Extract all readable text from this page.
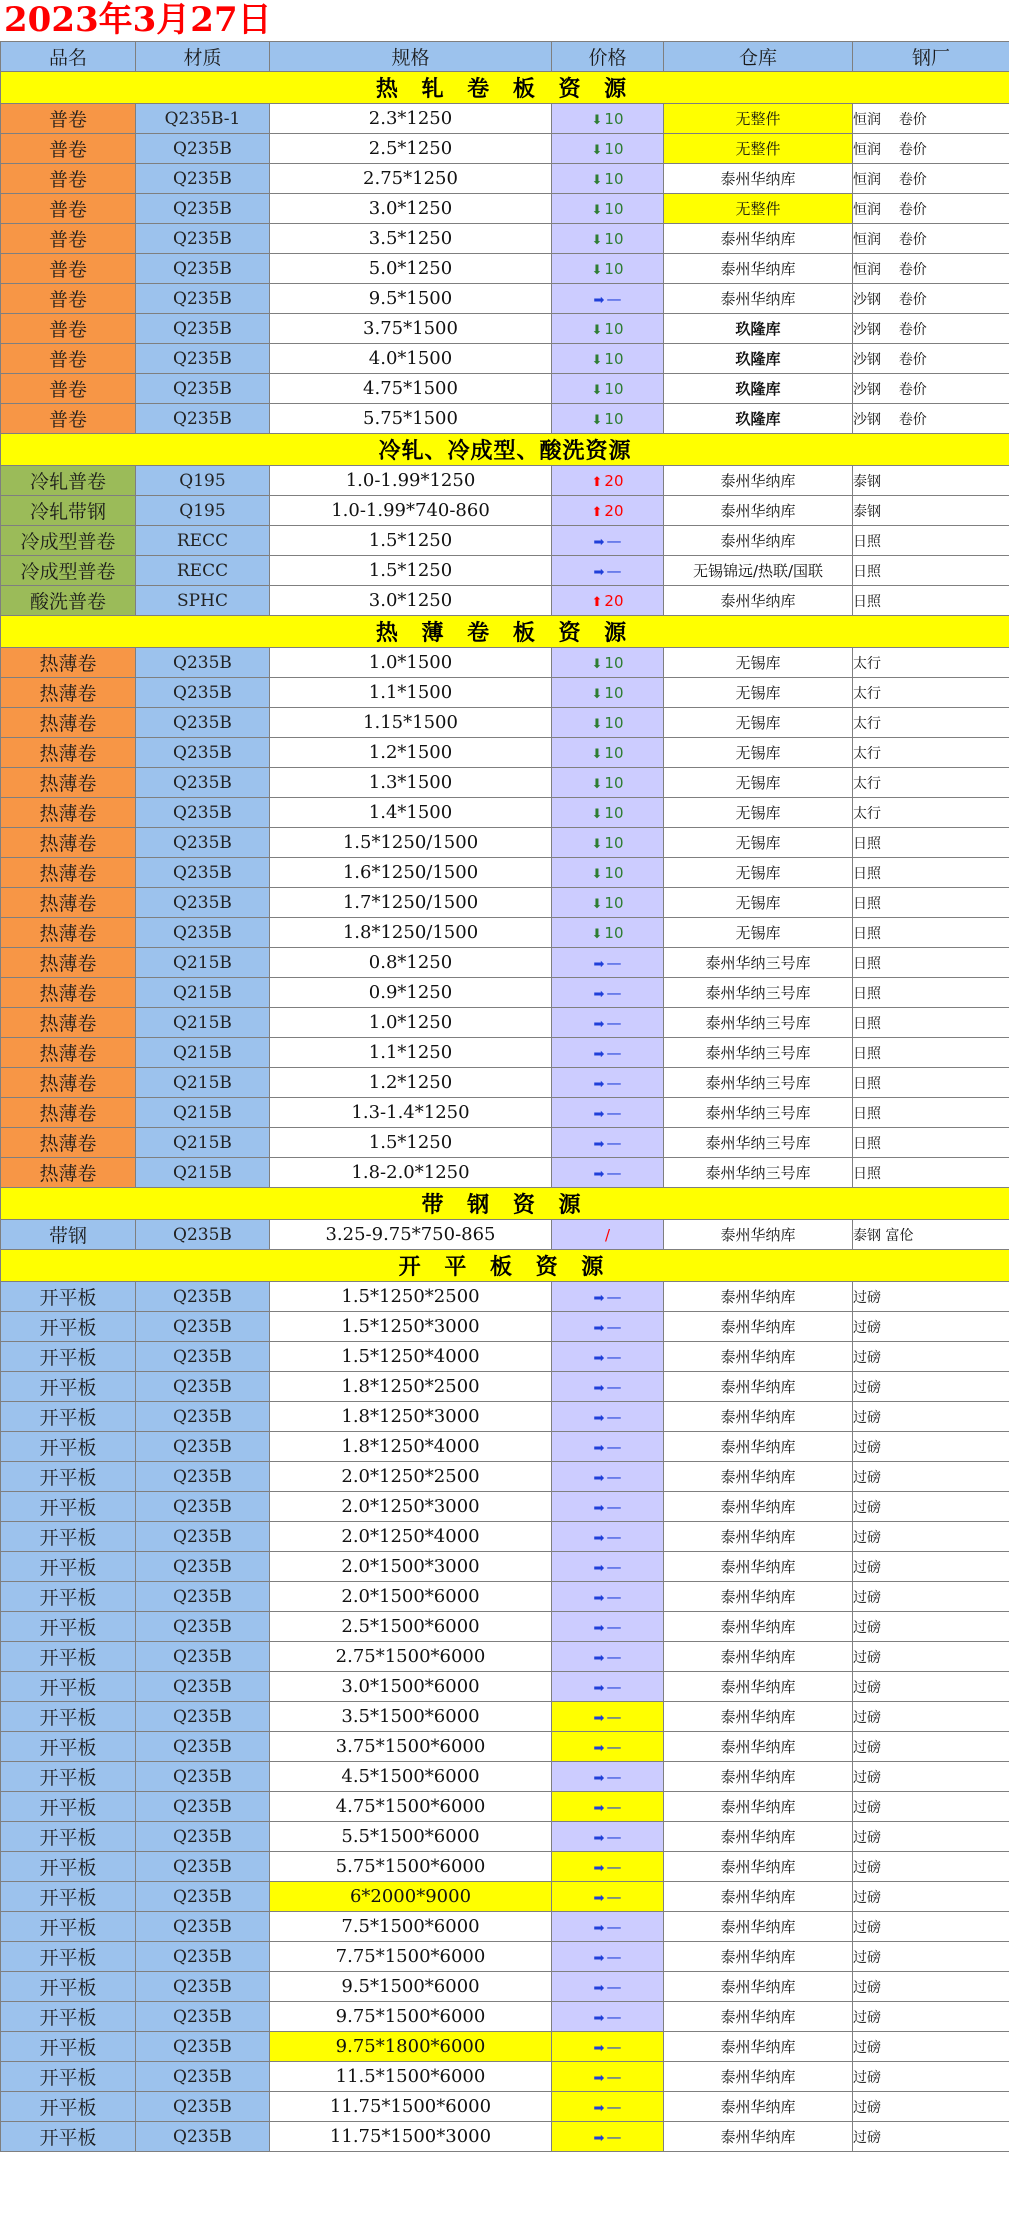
2023年3月27日
品名	材质	规格	价格	仓库	钢厂
热 轧 卷 板 资 源					
普卷	Q235B-1	2.3*1250	⬇ 10	无整件	恒润    卷价
普卷	Q235B	2.5*1250	⬇ 10	无整件	恒润    卷价
普卷	Q235B	2.75*1250	⬇ 10	泰州华纳库	恒润    卷价
普卷	Q235B	3.0*1250	⬇ 10	无整件	恒润    卷价
普卷	Q235B	3.5*1250	⬇ 10	泰州华纳库	恒润    卷价
普卷	Q235B	5.0*1250	⬇ 10	泰州华纳库	恒润    卷价
普卷	Q235B	9.5*1500	➡ —	泰州华纳库	沙钢    卷价
普卷	Q235B	3.75*1500	⬇ 10	玖隆库	沙钢    卷价
普卷	Q235B	4.0*1500	⬇ 10	玖隆库	沙钢    卷价
普卷	Q235B	4.75*1500	⬇ 10	玖隆库	沙钢    卷价
普卷	Q235B	5.75*1500	⬇ 10	玖隆库	沙钢    卷价
冷轧、冷成型、酸洗资源					
冷轧普卷	Q195	1.0-1.99*1250	⬆ 20	泰州华纳库	泰钢
冷轧带钢	Q195	1.0-1.99*740-860	⬆ 20	泰州华纳库	泰钢
冷成型普卷	RECC	1.5*1250	➡ —	泰州华纳库	日照
冷成型普卷	RECC	1.5*1250	➡ —	无锡锦远/热联/国联	日照
酸洗普卷	SPHC	3.0*1250	⬆ 20	泰州华纳库	日照
热 薄 卷 板 资 源					
热薄卷	Q235B	1.0*1500	⬇ 10	无锡库	太行
热薄卷	Q235B	1.1*1500	⬇ 10	无锡库	太行
热薄卷	Q235B	1.15*1500	⬇ 10	无锡库	太行
热薄卷	Q235B	1.2*1500	⬇ 10	无锡库	太行
热薄卷	Q235B	1.3*1500	⬇ 10	无锡库	太行
热薄卷	Q235B	1.4*1500	⬇ 10	无锡库	太行
热薄卷	Q235B	1.5*1250/1500	⬇ 10	无锡库	日照
热薄卷	Q235B	1.6*1250/1500	⬇ 10	无锡库	日照
热薄卷	Q235B	1.7*1250/1500	⬇ 10	无锡库	日照
热薄卷	Q235B	1.8*1250/1500	⬇ 10	无锡库	日照
热薄卷	Q215B	0.8*1250	➡ —	泰州华纳三号库	日照
热薄卷	Q215B	0.9*1250	➡ —	泰州华纳三号库	日照
热薄卷	Q215B	1.0*1250	➡ —	泰州华纳三号库	日照
热薄卷	Q215B	1.1*1250	➡ —	泰州华纳三号库	日照
热薄卷	Q215B	1.2*1250	➡ —	泰州华纳三号库	日照
热薄卷	Q215B	1.3-1.4*1250	➡ —	泰州华纳三号库	日照
热薄卷	Q215B	1.5*1250	➡ —	泰州华纳三号库	日照
热薄卷	Q215B	1.8-2.0*1250	➡ —	泰州华纳三号库	日照
带 钢 资 源					
带钢	Q235B	3.25-9.75*750-865	/	泰州华纳库	泰钢 富伦
开 平 板 资 源					
开平板	Q235B	1.5*1250*2500	➡ —	泰州华纳库	过磅
开平板	Q235B	1.5*1250*3000	➡ —	泰州华纳库	过磅
开平板	Q235B	1.5*1250*4000	➡ —	泰州华纳库	过磅
开平板	Q235B	1.8*1250*2500	➡ —	泰州华纳库	过磅
开平板	Q235B	1.8*1250*3000	➡ —	泰州华纳库	过磅
开平板	Q235B	1.8*1250*4000	➡ —	泰州华纳库	过磅
开平板	Q235B	2.0*1250*2500	➡ —	泰州华纳库	过磅
开平板	Q235B	2.0*1250*3000	➡ —	泰州华纳库	过磅
开平板	Q235B	2.0*1250*4000	➡ —	泰州华纳库	过磅
开平板	Q235B	2.0*1500*3000	➡ —	泰州华纳库	过磅
开平板	Q235B	2.0*1500*6000	➡ —	泰州华纳库	过磅
开平板	Q235B	2.5*1500*6000	➡ —	泰州华纳库	过磅
开平板	Q235B	2.75*1500*6000	➡ —	泰州华纳库	过磅
开平板	Q235B	3.0*1500*6000	➡ —	泰州华纳库	过磅
开平板	Q235B	3.5*1500*6000	➡ —	泰州华纳库	过磅
开平板	Q235B	3.75*1500*6000	➡ —	泰州华纳库	过磅
开平板	Q235B	4.5*1500*6000	➡ —	泰州华纳库	过磅
开平板	Q235B	4.75*1500*6000	➡ —	泰州华纳库	过磅
开平板	Q235B	5.5*1500*6000	➡ —	泰州华纳库	过磅
开平板	Q235B	5.75*1500*6000	➡ —	泰州华纳库	过磅
开平板	Q235B	6*2000*9000	➡ —	泰州华纳库	过磅
开平板	Q235B	7.5*1500*6000	➡ —	泰州华纳库	过磅
开平板	Q235B	7.75*1500*6000	➡ —	泰州华纳库	过磅
开平板	Q235B	9.5*1500*6000	➡ —	泰州华纳库	过磅
开平板	Q235B	9.75*1500*6000	➡ —	泰州华纳库	过磅
开平板	Q235B	9.75*1800*6000	➡ —	泰州华纳库	过磅
开平板	Q235B	11.5*1500*6000	➡ —	泰州华纳库	过磅
开平板	Q235B	11.75*1500*6000	➡ —	泰州华纳库	过磅
开平板	Q235B	11.75*1500*3000	➡ —	泰州华纳库	过磅
